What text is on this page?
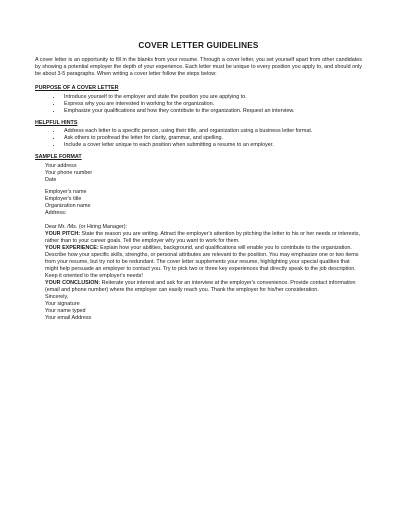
COVER LETTER GUIDELINES

A cover letter is an opportunity to fill in the blanks from your resume. Through a cover letter, you set yourself apart from other candidates by showing a potential employer the depth of your experience. Each letter must be unique to every position you apply to, and should only be about 3-5 paragraphs. When writing a cover letter follow the steps below:

PURPOSE OF A COVER LETTER
• Introduce yourself to the employer and state the position you are applying to.
• Express why you are interested in working for the organization.
• Emphasize your qualifications and how they contribute to the organization. Request an interview.
HELPFUL HINTS
• Address each letter to a specific person, using their title, and organization using a business letter format.
• Ask others to proofread the letter for clarity, grammar, and spelling.
• Include a cover letter unique to each position when submitting a resume to an employer.
SAMPLE FORMAT

Your address

Your phone number

Date

Employer's name

Employer's title

Organization name

Address:

Dear Mr. /Ms. (or Hiring Manager):

YOUR PITCH: State the reason you are writing. Attract the employer's attention by pitching the letter to his or her needs or interests, rather than to your career goals. Tell the employer why you want to work for them.

YOUR EXPERIENCE: Explain how your abilities, background, and qualifications will enable you to contribute to the organization. Describe how your specific skills, strengths, or personal attributes are relevant to the position. You may emphasize one or two items from your resume, but try not to be redundant. The cover letter supplements your resume, highlighting your special qualities that might help persuade an employer to contact you. Try to pick two or three key experiences that directly speak to the job description. Keep it oriented to the employer's needs!

YOUR CONCLUSION: Reiterate your interest and ask for an interview at the employer's convenience. Provide contact information (email and phone number) where the employer can easily reach you. Thank the employer for his/her consideration.

Sincerely,

Your signature

Your name typed

Your email Address
